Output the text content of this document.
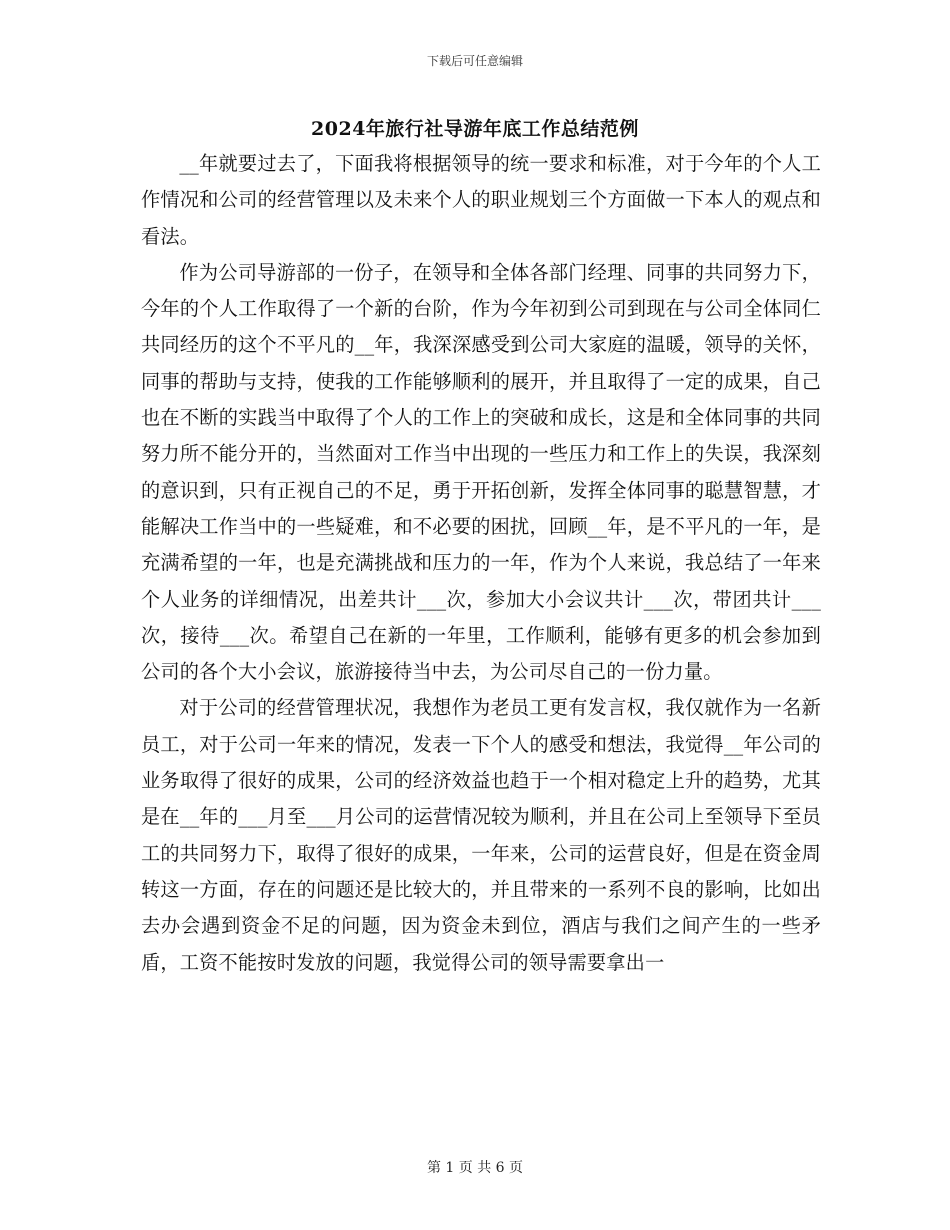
下载后可任意编辑
2024年旅行社导游年底工作总结范例

__年就要过去了，下面我将根据领导的统一要求和标准，对于今年的个人工作情况和公司的经营管理以及未来个人的职业规划三个方面做一下本人的观点和看法。

作为公司导游部的一份子，在领导和全体各部门经理、同事的共同努力下，今年的个人工作取得了一个新的台阶，作为今年初到公司到现在与公司全体同仁共同经历的这个不平凡的__年，我深深感受到公司大家庭的温暖，领导的关怀，同事的帮助与支持，使我的工作能够顺利的展开，并且取得了一定的成果，自己也在不断的实践当中取得了个人的工作上的突破和成长，这是和全体同事的共同努力所不能分开的，当然面对工作当中出现的一些压力和工作上的失误，我深刻的意识到，只有正视自己的不足，勇于开拓创新，发挥全体同事的聪慧智慧，才能解决工作当中的一些疑难，和不必要的困扰，回顾__年，是不平凡的一年，是充满希望的一年，也是充满挑战和压力的一年，作为个人来说，我总结了一年来个人业务的详细情况，出差共计___次，参加大小会议共计___次，带团共计___次，接待___次。希望自己在新的一年里，工作顺利，能够有更多的机会参加到公司的各个大小会议，旅游接待当中去，为公司尽自己的一份力量。

对于公司的经营管理状况，我想作为老员工更有发言权，我仅就作为一名新员工，对于公司一年来的情况，发表一下个人的感受和想法，我觉得__年公司的业务取得了很好的成果，公司的经济效益也趋于一个相对稳定上升的趋势，尤其是在__年的___月至___月公司的运营情况较为顺利，并且在公司上至领导下至员工的共同努力下，取得了很好的成果，一年来，公司的运营良好，但是在资金周转这一方面，存在的问题还是比较大的，并且带来的一系列不良的影响，比如出去办会遇到资金不足的问题，因为资金未到位，酒店与我们之间产生的一些矛盾，工资不能按时发放的问题，我觉得公司的领导需要拿出一

第 1 页 共 6 页
